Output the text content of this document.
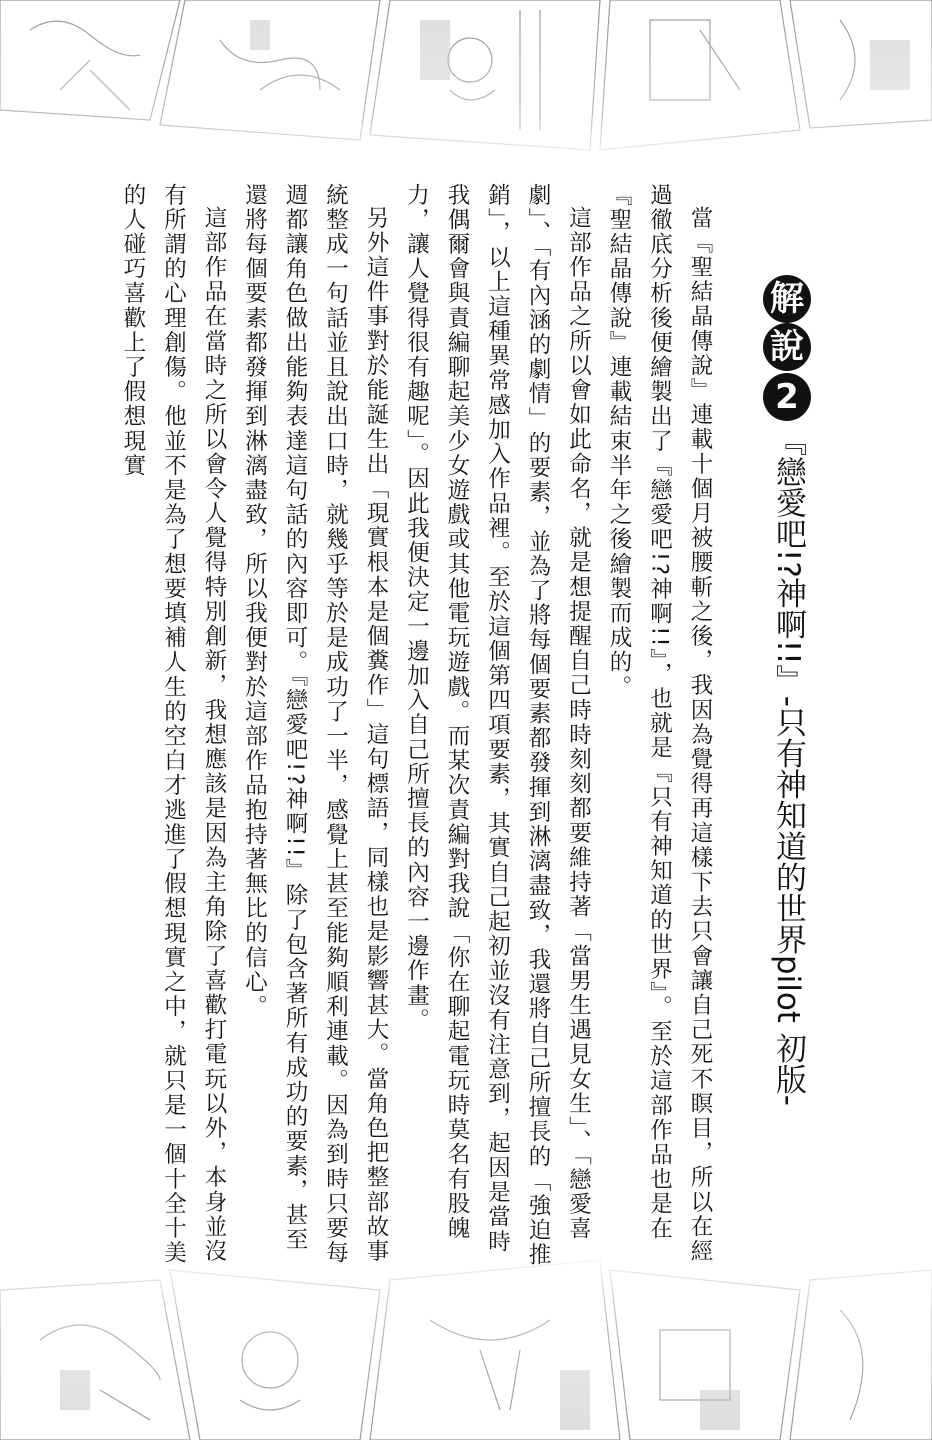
解
說
2
『戀愛吧!?神啊!!』-只有神知道的世界pilot 初版-

當『聖結晶傳說』連載十個月被腰斬之後，我因為覺得再這樣下去只會讓自己死不瞑目，所以在經過徹底分析後便繪製出了『戀愛吧!?神啊!!』，也就是『只有神知道的世界』。至於這部作品也是在『聖結晶傳說』連載結束半年之後繪製而成的。

這部作品之所以會如此命名，就是想提醒自己時時刻刻都要維持著「當男生遇見女生」、「戀愛喜劇」、「有內涵的劇情」的要素，並為了將每個要素都發揮到淋漓盡致，我還將自己所擅長的「強迫推銷」，以上這種異常感加入作品裡。至於這個第四項要素，其實自己起初並沒有注意到，起因是當時我偶爾會與責編聊起美少女遊戲或其他電玩遊戲。而某次責編對我說「你在聊起電玩時莫名有股魄力，讓人覺得很有趣呢」。因此我便決定一邊加入自己所擅長的內容一邊作畫。

另外這件事對於能誕生出「現實根本是個糞作」這句標語，同樣也是影響甚大。當角色把整部故事統整成一句話並且說出口時，就幾乎等於是成功了一半，感覺上甚至能夠順利連載。因為到時只要每週都讓角色做出能夠表達這句話的內容即可。『戀愛吧!?神啊!!』除了包含著所有成功的要素，甚至還將每個要素都發揮到淋漓盡致，所以我便對於這部作品抱持著無比的信心。

這部作品在當時之所以會令人覺得特別創新，我想應該是因為主角除了喜歡打電玩以外，本身並沒有所謂的心理創傷。他並不是為了想要填補人生的空白才逃進了假想現實之中，就只是一個十全十美的人碰巧喜歡上了假想現實
